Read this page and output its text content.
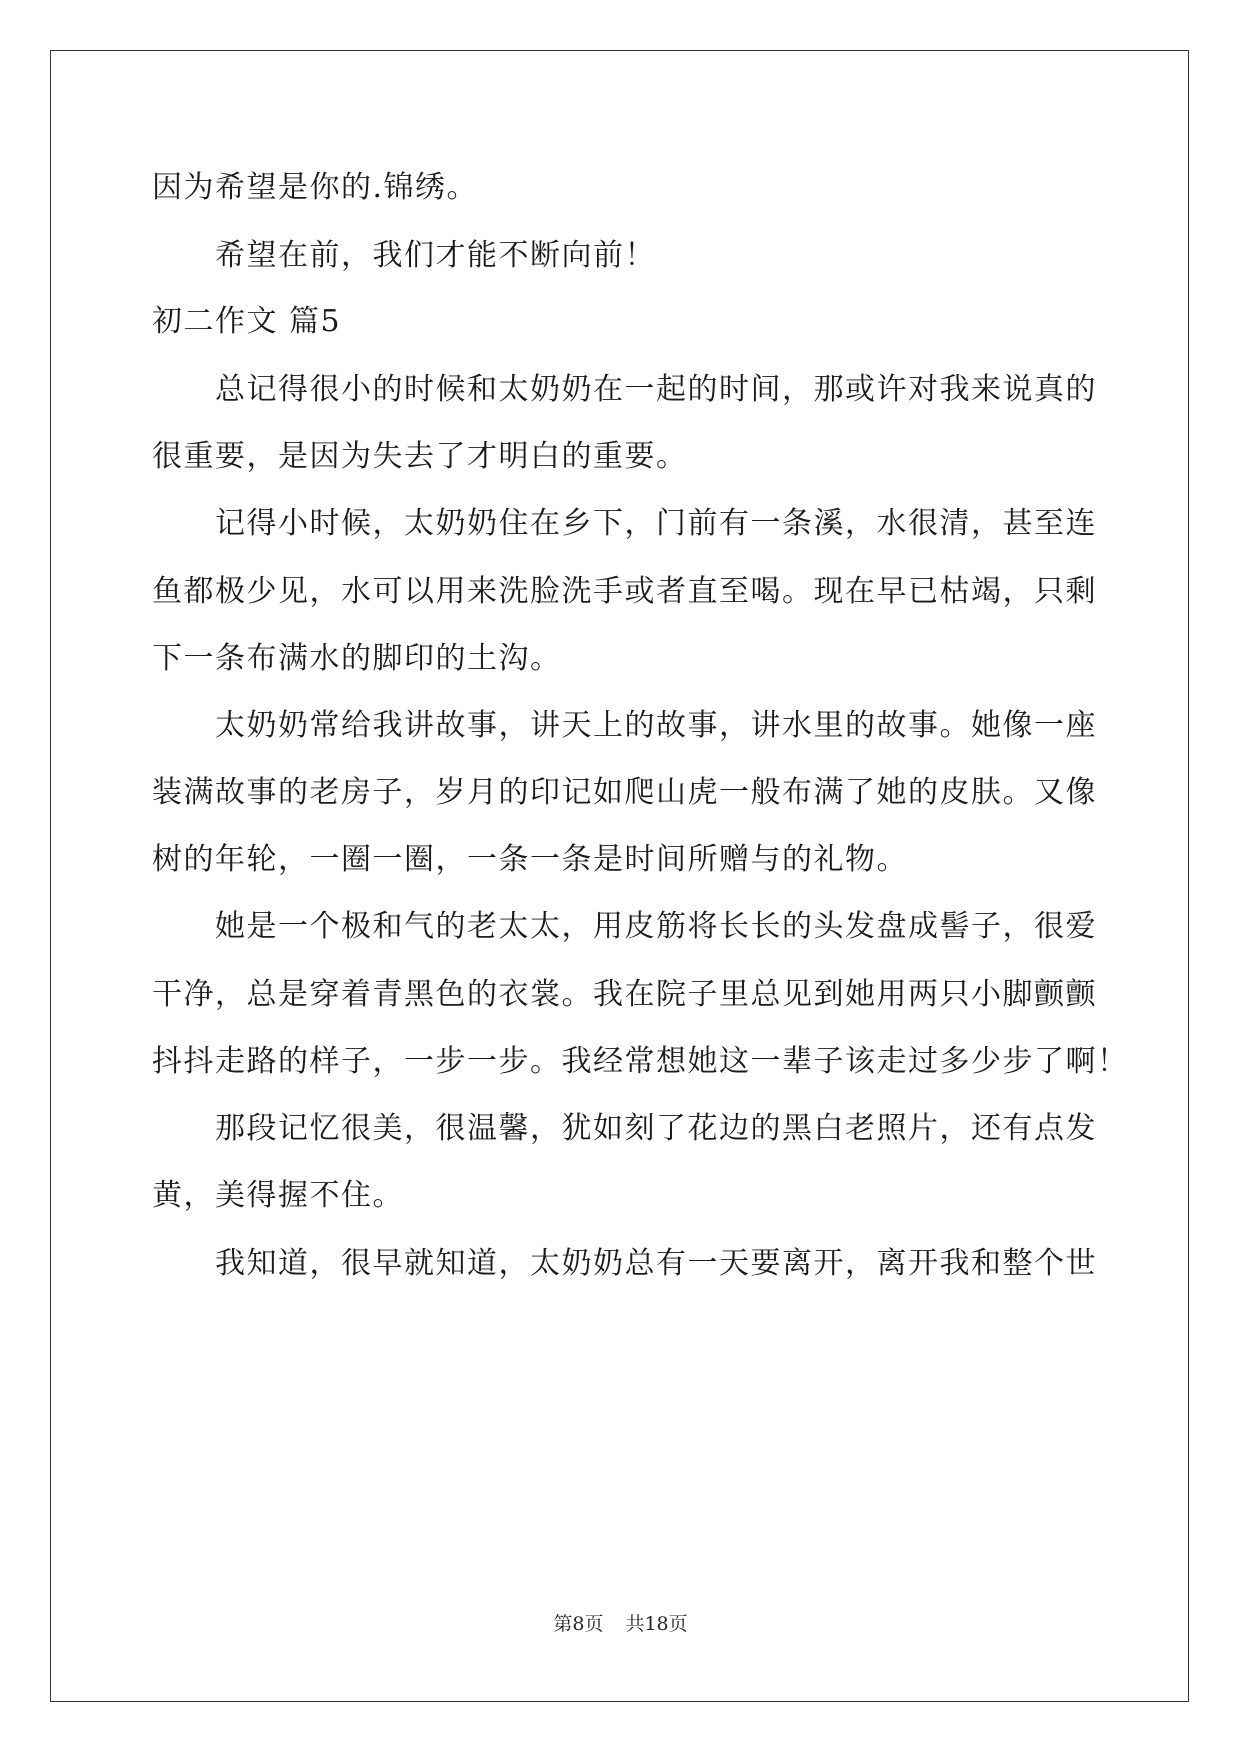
因为希望是你的.锦绣。
希望在前，我们才能不断向前！
初二作文 篇5
总记得很小的时候和太奶奶在一起的时间，那或许对我来说真的
很重要，是因为失去了才明白的重要。
记得小时候，太奶奶住在乡下，门前有一条溪，水很清，甚至连
鱼都极少见，水可以用来洗脸洗手或者直至喝。现在早已枯竭，只剩
下一条布满水的脚印的土沟。
太奶奶常给我讲故事，讲天上的故事，讲水里的故事。她像一座
装满故事的老房子，岁月的印记如爬山虎一般布满了她的皮肤。又像
树的年轮，一圈一圈，一条一条是时间所赠与的礼物。
她是一个极和气的老太太，用皮筋将长长的头发盘成髻子，很爱
干净，总是穿着青黑色的衣裳。我在院子里总见到她用两只小脚颤颤
抖抖走路的样子，一步一步。我经常想她这一辈子该走过多少步了啊！
那段记忆很美，很温馨，犹如刻了花边的黑白老照片，还有点发
黄，美得握不住。
我知道，很早就知道，太奶奶总有一天要离开，离开我和整个世
第8页 共18页
